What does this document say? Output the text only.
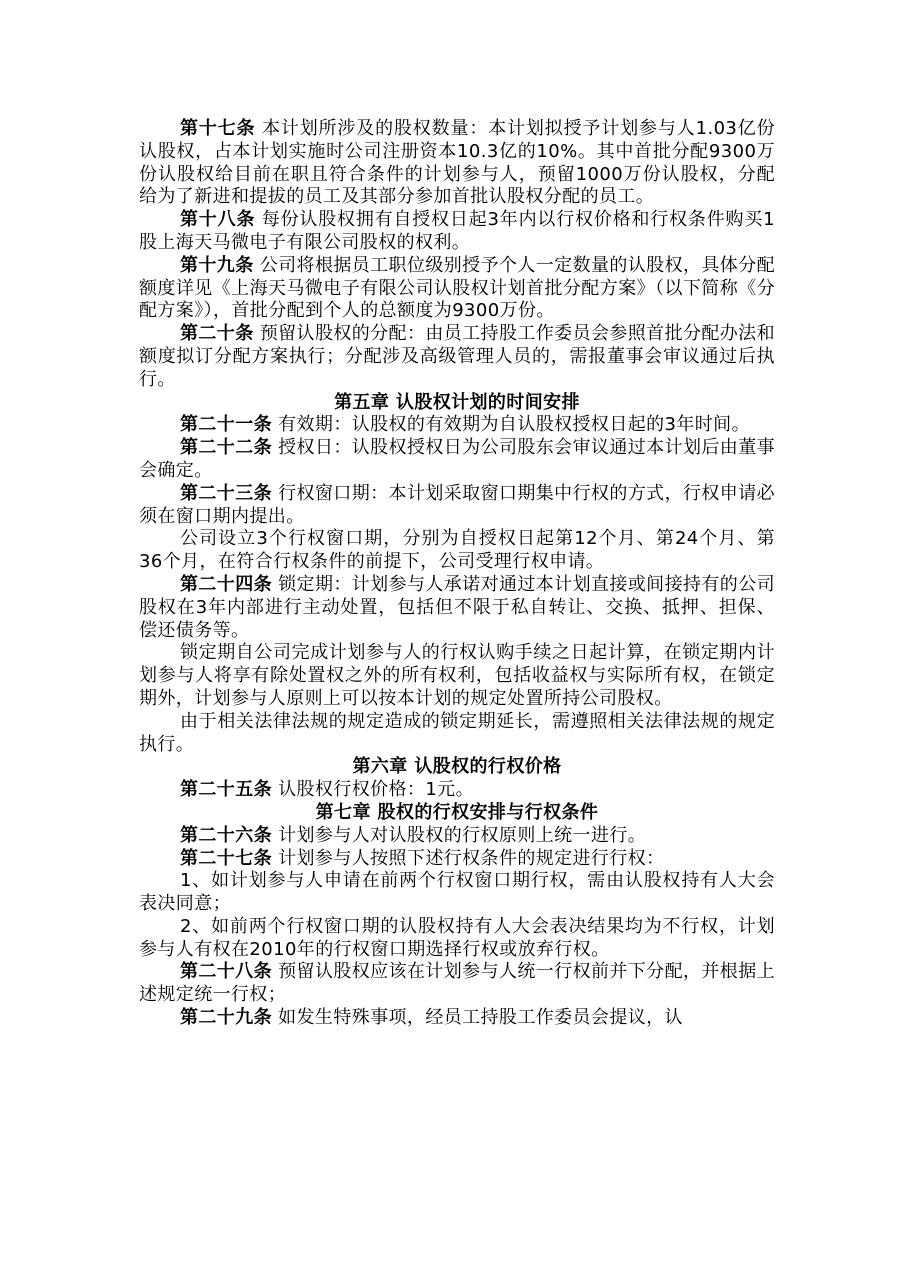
第十七条 本计划所涉及的股权数量：本计划拟授予计划参与人1.03亿份认股权，占本计划实施时公司注册资本10.3亿的10%。其中首批分配9300万份认股权给目前在职且符合条件的计划参与人，预留1000万份认股权，分配给为了新进和提拔的员工及其部分参加首批认股权分配的员工。

第十八条 每份认股权拥有自授权日起3年内以行权价格和行权条件购买1股上海天马微电子有限公司股权的权利。

第十九条 公司将根据员工职位级别授予个人一定数量的认股权，具体分配额度详见《上海天马微电子有限公司认股权计划首批分配方案》（以下简称《分配方案》），首批分配到个人的总额度为9300万份。

第二十条 预留认股权的分配：由员工持股工作委员会参照首批分配办法和额度拟订分配方案执行；分配涉及高级管理人员的，需报董事会审议通过后执行。

第五章 认股权计划的时间安排

第二十一条 有效期：认股权的有效期为自认股权授权日起的3年时间。

第二十二条 授权日：认股权授权日为公司股东会审议通过本计划后由董事会确定。

第二十三条 行权窗口期：本计划采取窗口期集中行权的方式，行权申请必须在窗口期内提出。

公司设立3个行权窗口期，分别为自授权日起第12个月、第24个月、第36个月，在符合行权条件的前提下，公司受理行权申请。

第二十四条 锁定期：计划参与人承诺对通过本计划直接或间接持有的公司股权在3年内部进行主动处置，包括但不限于私自转让、交换、抵押、担保、偿还债务等。

锁定期自公司完成计划参与人的行权认购手续之日起计算，在锁定期内计划参与人将享有除处置权之外的所有权利，包括收益权与实际所有权，在锁定期外，计划参与人原则上可以按本计划的规定处置所持公司股权。

由于相关法律法规的规定造成的锁定期延长，需遵照相关法律法规的规定执行。

第六章 认股权的行权价格

第二十五条 认股权行权价格：1元。

第七章 股权的行权安排与行权条件

第二十六条 计划参与人对认股权的行权原则上统一进行。

第二十七条 计划参与人按照下述行权条件的规定进行行权：

1、如计划参与人申请在前两个行权窗口期行权，需由认股权持有人大会表决同意；

2、如前两个行权窗口期的认股权持有人大会表决结果均为不行权，计划参与人有权在2010年的行权窗口期选择行权或放弃行权。

第二十八条 预留认股权应该在计划参与人统一行权前并下分配，并根据上述规定统一行权；

第二十九条 如发生特殊事项，经员工持股工作委员会提议，认
